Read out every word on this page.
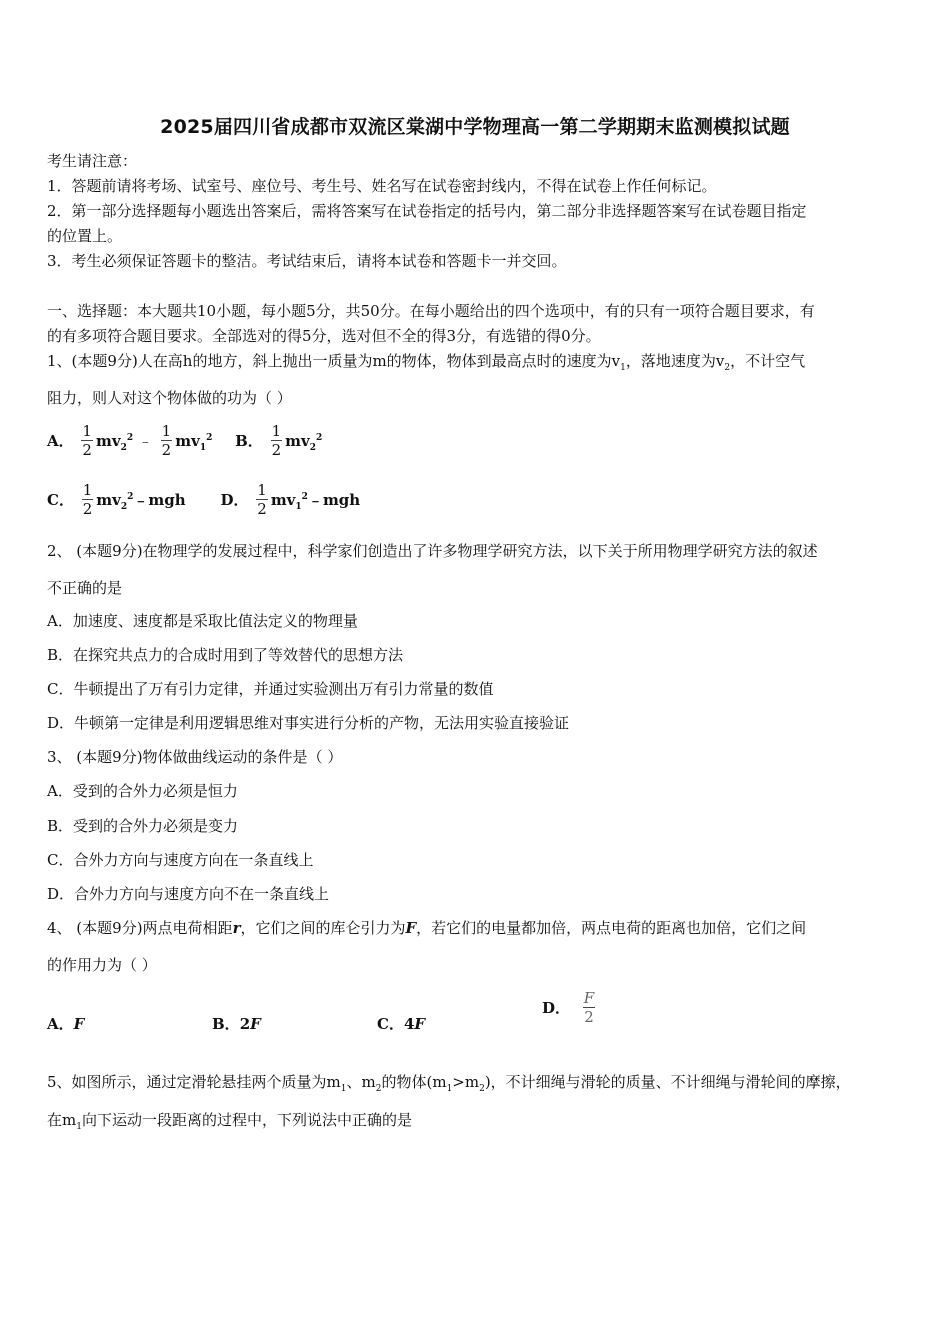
2025届四川省成都市双流区棠湖中学物理高一第二学期期末监测模拟试题
考生请注意：
1．答题前请将考场、试室号、座位号、考生号、姓名写在试卷密封线内，不得在试卷上作任何标记。
2．第一部分选择题每小题选出答案后，需将答案写在试卷指定的括号内，第二部分非选择题答案写在试卷题目指定
的位置上。
3．考生必须保证答题卡的整洁。考试结束后，请将本试卷和答题卡一并交回。
一、选择题：本大题共10小题，每小题5分，共50分。在每小题给出的四个选项中，有的只有一项符合题目要求，有
的有多项符合题目要求。全部选对的得5分，选对但不全的得3分，有选错的得0分。
1、(本题9分)人在高h的地方，斜上抛出一质量为m的物体，物体到最高点时的速度为$v_1$，落地速度为$v_2$，不计空气
阻力，则人对这个物体做的功为（ ）
A． $\frac{1}{2} mv_2^2$ ﹣ $\frac{1}{2} mv_1^2$ B． $\frac{1}{2} mv_2^2$
C． $\frac{1}{2}$ $mv_2^2﹣mgh$ D． $\frac{1}{2}$ $mv_1^2﹣mgh$
2、 (本题9分)在物理学的发展过程中，科学家们创造出了许多物理学研究方法，以下关于所用物理学研究方法的叙述
不正确的是
A．加速度、速度都是采取比值法定义的物理量
B．在探究共点力的合成时用到了等效替代的思想方法
C．牛顿提出了万有引力定律，并通过实验测出万有引力常量的数值
D．牛顿第一定律是利用逻辑思维对事实进行分析的产物，无法用实验直接验证
3、 (本题9分)物体做曲线运动的条件是（ ）
A．受到的合外力必须是恒力
B．受到的合外力必须是变力
C．合外力方向与速度方向在一条直线上
D．合外力方向与速度方向不在一条直线上
4、 (本题9分)两点电荷相距r，它们之间的库仑引力为F，若它们的电量都加倍，两点电荷的距离也加倍，它们之间
的作用力为（ ）
A．F	B．2F	C．4F
D． $\frac{F}{2}$
5、如图所示，通过定滑轮悬挂两个质量为$m_1$、$m_2$的物体$(m_1>m_2)$，不计细绳与滑轮的质量、不计细绳与滑轮间的摩擦，
在$m_1$向下运动一段距离的过程中，下列说法中正确的是
